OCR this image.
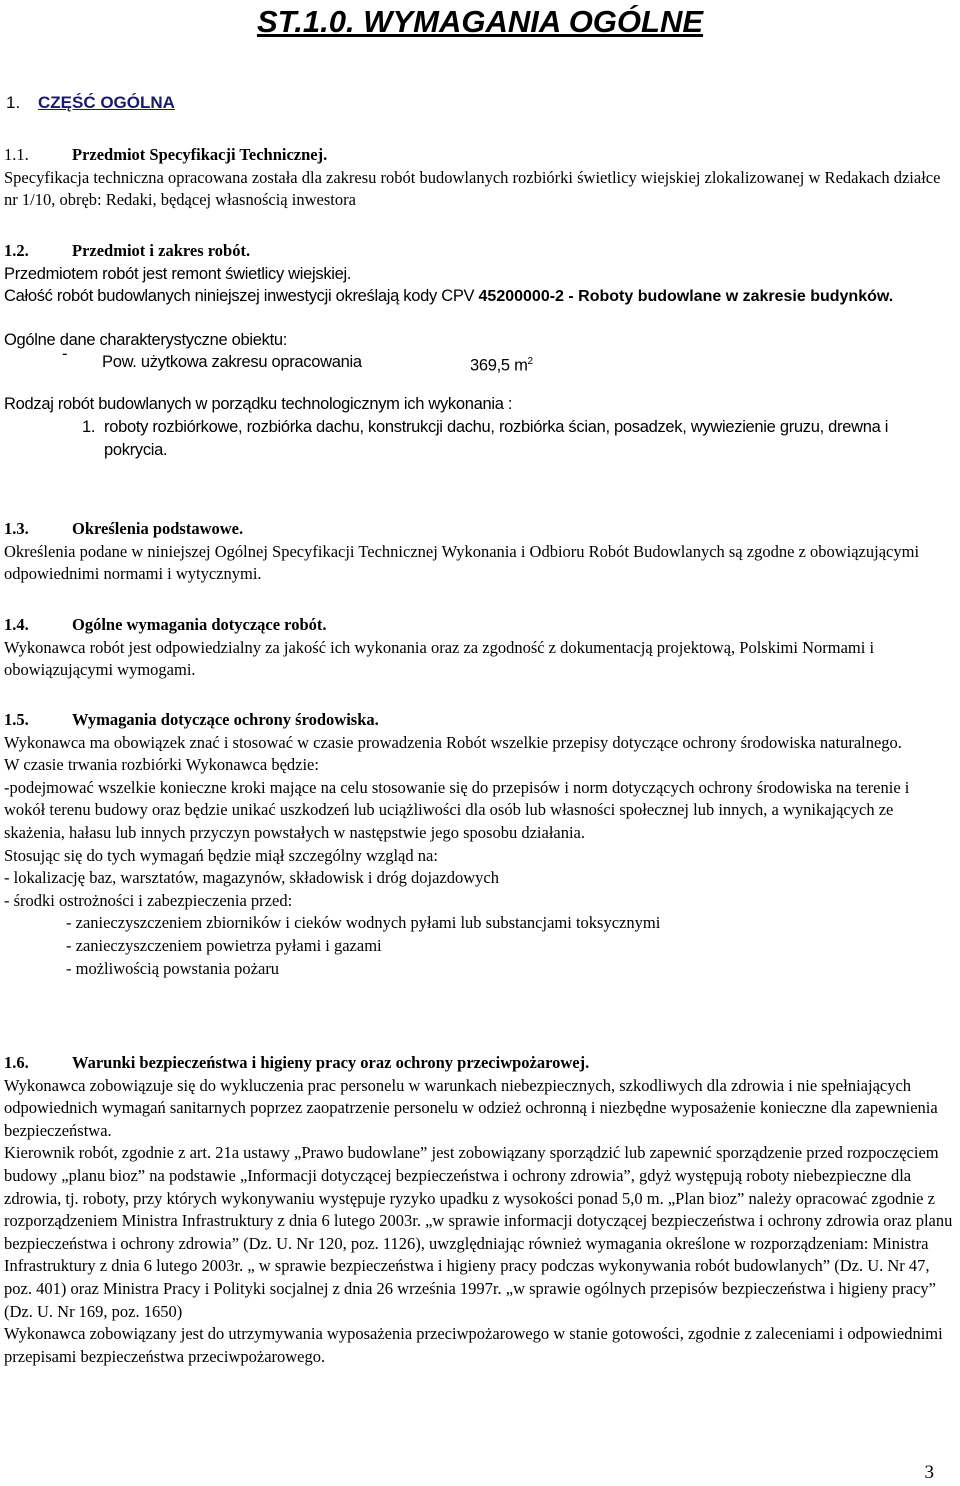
ST.1.0. WYMAGANIA OGÓLNE
1. CZĘŚĆ OGÓLNA

1.1.	Przedmiot Specyfikacji Technicznej.

Specyfikacja techniczna opracowana została dla zakresu robót budowlanych rozbiórki świetlicy wiejskiej zlokalizowanej w Redakach działce nr 1/10, obręb: Redaki, będącej własnością inwestora

1.2.	Przedmiot i zakres robót.

Przedmiotem robót jest remont świetlicy wiejskiej.

Całość robót budowlanych niniejszej inwestycji określają kody CPV 45200000-2 - Roboty budowlane w zakresie budynków.

Ogólne dane charakterystyczne obiektu:

- Pow. użytkowa zakresu opracowania	369,5 $m^2$

Rodzaj robót budowlanych w porządku technologicznym ich wykonania :

1. roboty rozbiórkowe, rozbiórka dachu, konstrukcji dachu, rozbiórka ścian, posadzek, wywiezienie gruzu, drewna i pokrycia.

1.3.	Określenia podstawowe.

Określenia podane w niniejszej Ogólnej Specyfikacji Technicznej Wykonania i Odbioru Robót Budowlanych są zgodne z obowiązującymi odpowiednimi normami i wytycznymi.

1.4.	Ogólne wymagania dotyczące robót.

Wykonawca robót jest odpowiedzialny za jakość ich wykonania oraz za zgodność z dokumentacją projektową, Polskimi Normami i obowiązującymi wymogami.

1.5.	Wymagania dotyczące ochrony środowiska.

Wykonawca ma obowiązek znać i stosować w czasie prowadzenia Robót wszelkie przepisy dotyczące ochrony środowiska naturalnego.

W czasie trwania rozbiórki Wykonawca będzie:

-podejmować wszelkie konieczne kroki mające na celu stosowanie się do przepisów i norm dotyczących ochrony środowiska na terenie i wokół terenu budowy oraz będzie unikać uszkodzeń lub uciążliwości dla osób lub własności społecznej lub innych, a wynikających ze skażenia, hałasu lub innych przyczyn powstałych w następstwie jego sposobu działania.

Stosując się do tych wymagań będzie miął szczególny wzgląd na:

- lokalizację baz, warsztatów, magazynów, składowisk i dróg dojazdowych

- środki ostrożności i zabezpieczenia przed:

- zanieczyszczeniem zbiorników i cieków wodnych pyłami lub substancjami toksycznymi

- zanieczyszczeniem powietrza pyłami i gazami

- możliwością powstania pożaru

1.6.	Warunki bezpieczeństwa i higieny pracy oraz ochrony przeciwpożarowej.

Wykonawca zobowiązuje się do wykluczenia prac personelu w warunkach niebezpiecznych, szkodliwych dla zdrowia i nie spełniających odpowiednich wymagań sanitarnych poprzez zaopatrzenie personelu w odzież ochronną i niezbędne wyposażenie konieczne dla zapewnienia bezpieczeństwa.

Kierownik robót, zgodnie z art. 21a ustawy „Prawo budowlane” jest zobowiązany sporządzić lub zapewnić sporządzenie przed rozpoczęciem budowy „planu bioz” na podstawie „Informacji dotyczącej bezpieczeństwa i ochrony zdrowia”, gdyż występują roboty niebezpieczne dla zdrowia, tj. roboty, przy których wykonywaniu występuje ryzyko upadku z wysokości ponad 5,0 m. „Plan bioz” należy opracować zgodnie z rozporządzeniem Ministra Infrastruktury z dnia 6 lutego 2003r. „w sprawie informacji dotyczącej bezpieczeństwa i ochrony zdrowia oraz planu bezpieczeństwa i ochrony zdrowia” (Dz. U. Nr 120, poz. 1126), uwzględniając również wymagania określone w rozporządzeniam: Ministra Infrastruktury z dnia 6 lutego 2003r. „ w sprawie bezpieczeństwa i higieny pracy podczas wykonywania robót budowlanych” (Dz. U. Nr 47, poz. 401) oraz Ministra Pracy i Polityki socjalnej z dnia 26 września 1997r. „w sprawie ogólnych przepisów bezpieczeństwa i higieny pracy” (Dz. U. Nr 169, poz. 1650)

Wykonawca zobowiązany jest do utrzymywania wyposażenia przeciwpożarowego w stanie gotowości, zgodnie z zaleceniami i odpowiednimi przepisami bezpieczeństwa przeciwpożarowego.

3
